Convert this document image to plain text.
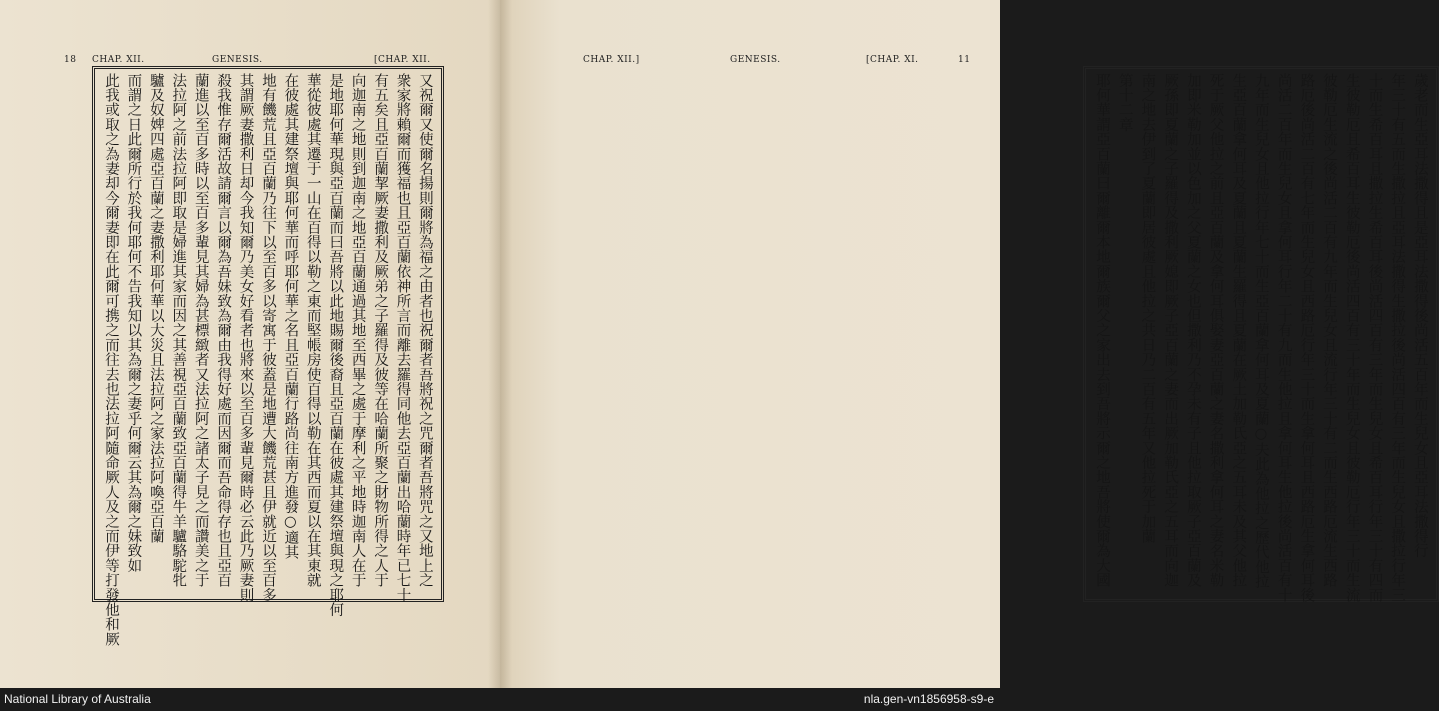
18 CHAP. XII.	GENESIS.	[CHAP. XII.
又祝爾又使爾名揚則爾將為福之由者也祝爾者吾將祝之咒爾者吾將咒之又地上之
衆家將賴爾而獲福也且亞百蘭依神所言而離去羅得同他去亞百蘭出哈蘭時年已七十
有五矣且亞百蘭挈厥妻撒利及厥弟之子羅得及彼等在哈蘭所聚之財物所得之人于
向迦南之地則到迦南之地亞百蘭通過其地至西畢之處于摩利之平地時迦南人在于
是地耶何華現與亞百蘭而曰吾將以此地賜爾後裔且亞百蘭在彼處其建祭壇與現之耶何
華從彼處其遷于一山在百得以勒之東而堅帳房使百得以勒在其西而夏以在其東就
在彼處其建祭壇與耶何華而呼耶何華之名且亞百蘭行路尚往南方進發○適其
地有饑荒且亞百蘭乃往下以至百多以寄寓于彼蓋是地遭大饑荒甚且伊就近以至百多
其謂厥妻撒利日却今我知爾乃美女好看者也將來以至百多輩見爾時必云此乃厥妻則
殺我惟存爾活故請爾言以爾為吾妹致為爾由我得好處而因爾而吾命得存也且亞百
蘭進以至百多時以至百多輩見其婦為甚標緻者又法拉阿之諸太子見之而讚美之于
法拉阿之前法拉阿即取是婦進其家而因之其善視亞百蘭致亞百蘭得牛羊驢駱駝牝
驢及奴婢四處亞百蘭之妻撒利耶何華以大災且法拉阿之家法拉阿喚亞百蘭
而謂之日此爾所行於我何耶何不告我知以其為爾之妻乎何爾云其為爾之妹致如
此我或取之為妻却今爾妻即在此爾可携之而往去也法拉阿隨命厥人及之而伊等打發他和厥
CHAP. XII.]	GENESIS.	[CHAP. XI.	11
歲老而生亞耳法撒得且是亞耳法撒得後尚活五百年而生兒女且亞耳法撒得行
年三十有五而生撒拉且亞耳法撒得生撒拉後尚活四百有三年而生兒女且撒拉行年三
十而生希百耳且撒拉生希百耳後尚活四百有三年而生兒女且希百耳行年三十有四而
生彼勒厄且希百耳生彼勒厄後尚活四百有三十年而生兒女且彼勒厄行年三十而生流
彼勒厄生流之後尚活二百有九年而生兒女且流行年三十有二而生西路厄流生西路
路厄後尚活二百有七年而生兒女且西路厄行年三十而生拿何耳且西路厄生拿何耳後
尚活二百年而生兒女且拿何耳行年二十有九而生他拉且拿何耳生他拉後尚活百有十
九年而生兒女且他拉行年七十而生亞百蘭拿何耳及夏蘭○夫此為他拉之歷代他拉
生亞百蘭拿何耳及夏蘭且夏蘭生羅得且夏蘭在厥土加勒氏亞之五耳未及其父他拉
死于厥父他拉之前且亞百蘭及拿何耳俱娶妻亞百蘭之妻名撒利拿何耳之妻名米勒
加即米勒加並以色加之父夏蘭之女也但撒利乃不孕未有子且他拉取厥子亞百蘭及
厥孫即夏蘭之子羅得及撒利厥媳即厥子亞百蘭之妻而出厥加勒氏亞之五耳而向迦
南之地去伊到了夏蘭即居彼處且他拉之共日乃二百有五年又他拉死于加蘭
第十二章
耶何華謂亞百蘭曰爾離爾本地爾族爾父之家出去到吾將示爾之地吾將使爾為大國
National Library of Australia	nla.gen-vn1856958-s9-e
